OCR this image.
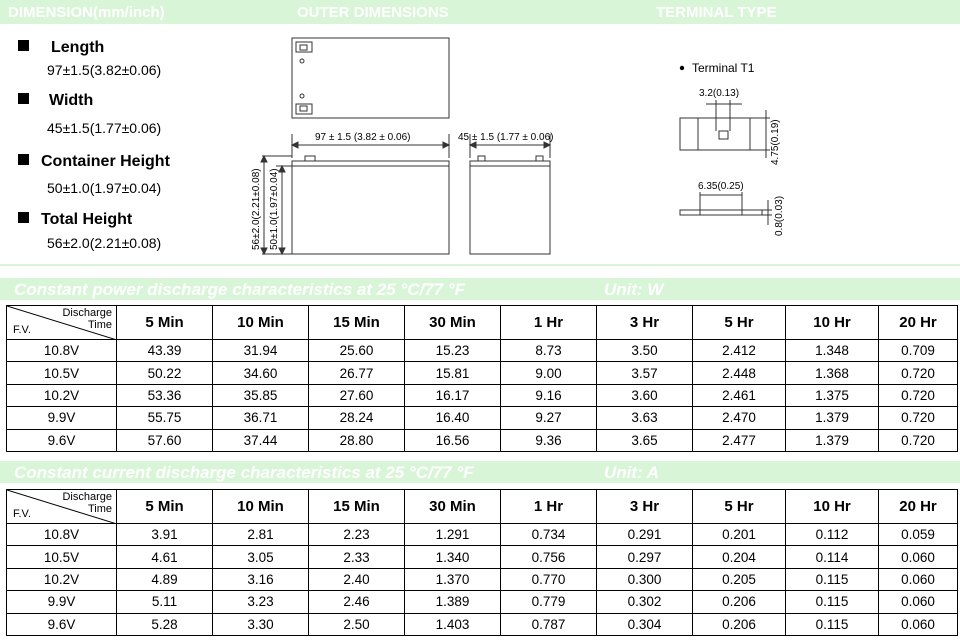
DIMENSION(mm/inch)	OUTER DIMENSIONS	TERMINAL TYPE
Length
97±1.5(3.82±0.06)
Width
45±1.5(1.77±0.06)
Container Height
50±1.0(1.97±0.04)
Total Height
56±2.0(2.21±0.08)
97 ± 1.5 (3.82 ± 0.06)	45 ± 1.5 (1.77 ± 0.06)
56±2.0(2.21±0.08) 50±1.0(1.97±0.04)
Terminal T1
3.2(0.13)
4.75(0.19)
6.35(0.25)
0.8(0.03)
Constant power discharge characteristics at 25 °C/77 °F	Unit: W
Discharge
Time
F.V.	5 Min	10 Min	15 Min	30 Min	1 Hr	3 Hr	5 Hr	10 Hr	20 Hr
10.8V	43.39	31.94	25.60	15.23	8.73	3.50	2.412	1.348	0.709
10.5V	50.22	34.60	26.77	15.81	9.00	3.57	2.448	1.368	0.720
10.2V	53.36	35.85	27.60	16.17	9.16	3.60	2.461	1.375	0.720
9.9V	55.75	36.71	28.24	16.40	9.27	3.63	2.470	1.379	0.720
9.6V	57.60	37.44	28.80	16.56	9.36	3.65	2.477	1.379	0.720
Constant current discharge characteristics at 25 °C/77 °F	Unit: A
Discharge
Time
F.V.	5 Min	10 Min	15 Min	30 Min	1 Hr	3 Hr	5 Hr	10 Hr	20 Hr
10.8V	3.91	2.81	2.23	1.291	0.734	0.291	0.201	0.112	0.059
10.5V	4.61	3.05	2.33	1.340	0.756	0.297	0.204	0.114	0.060
10.2V	4.89	3.16	2.40	1.370	0.770	0.300	0.205	0.115	0.060
9.9V	5.11	3.23	2.46	1.389	0.779	0.302	0.206	0.115	0.060
9.6V	5.28	3.30	2.50	1.403	0.787	0.304	0.206	0.115	0.060
